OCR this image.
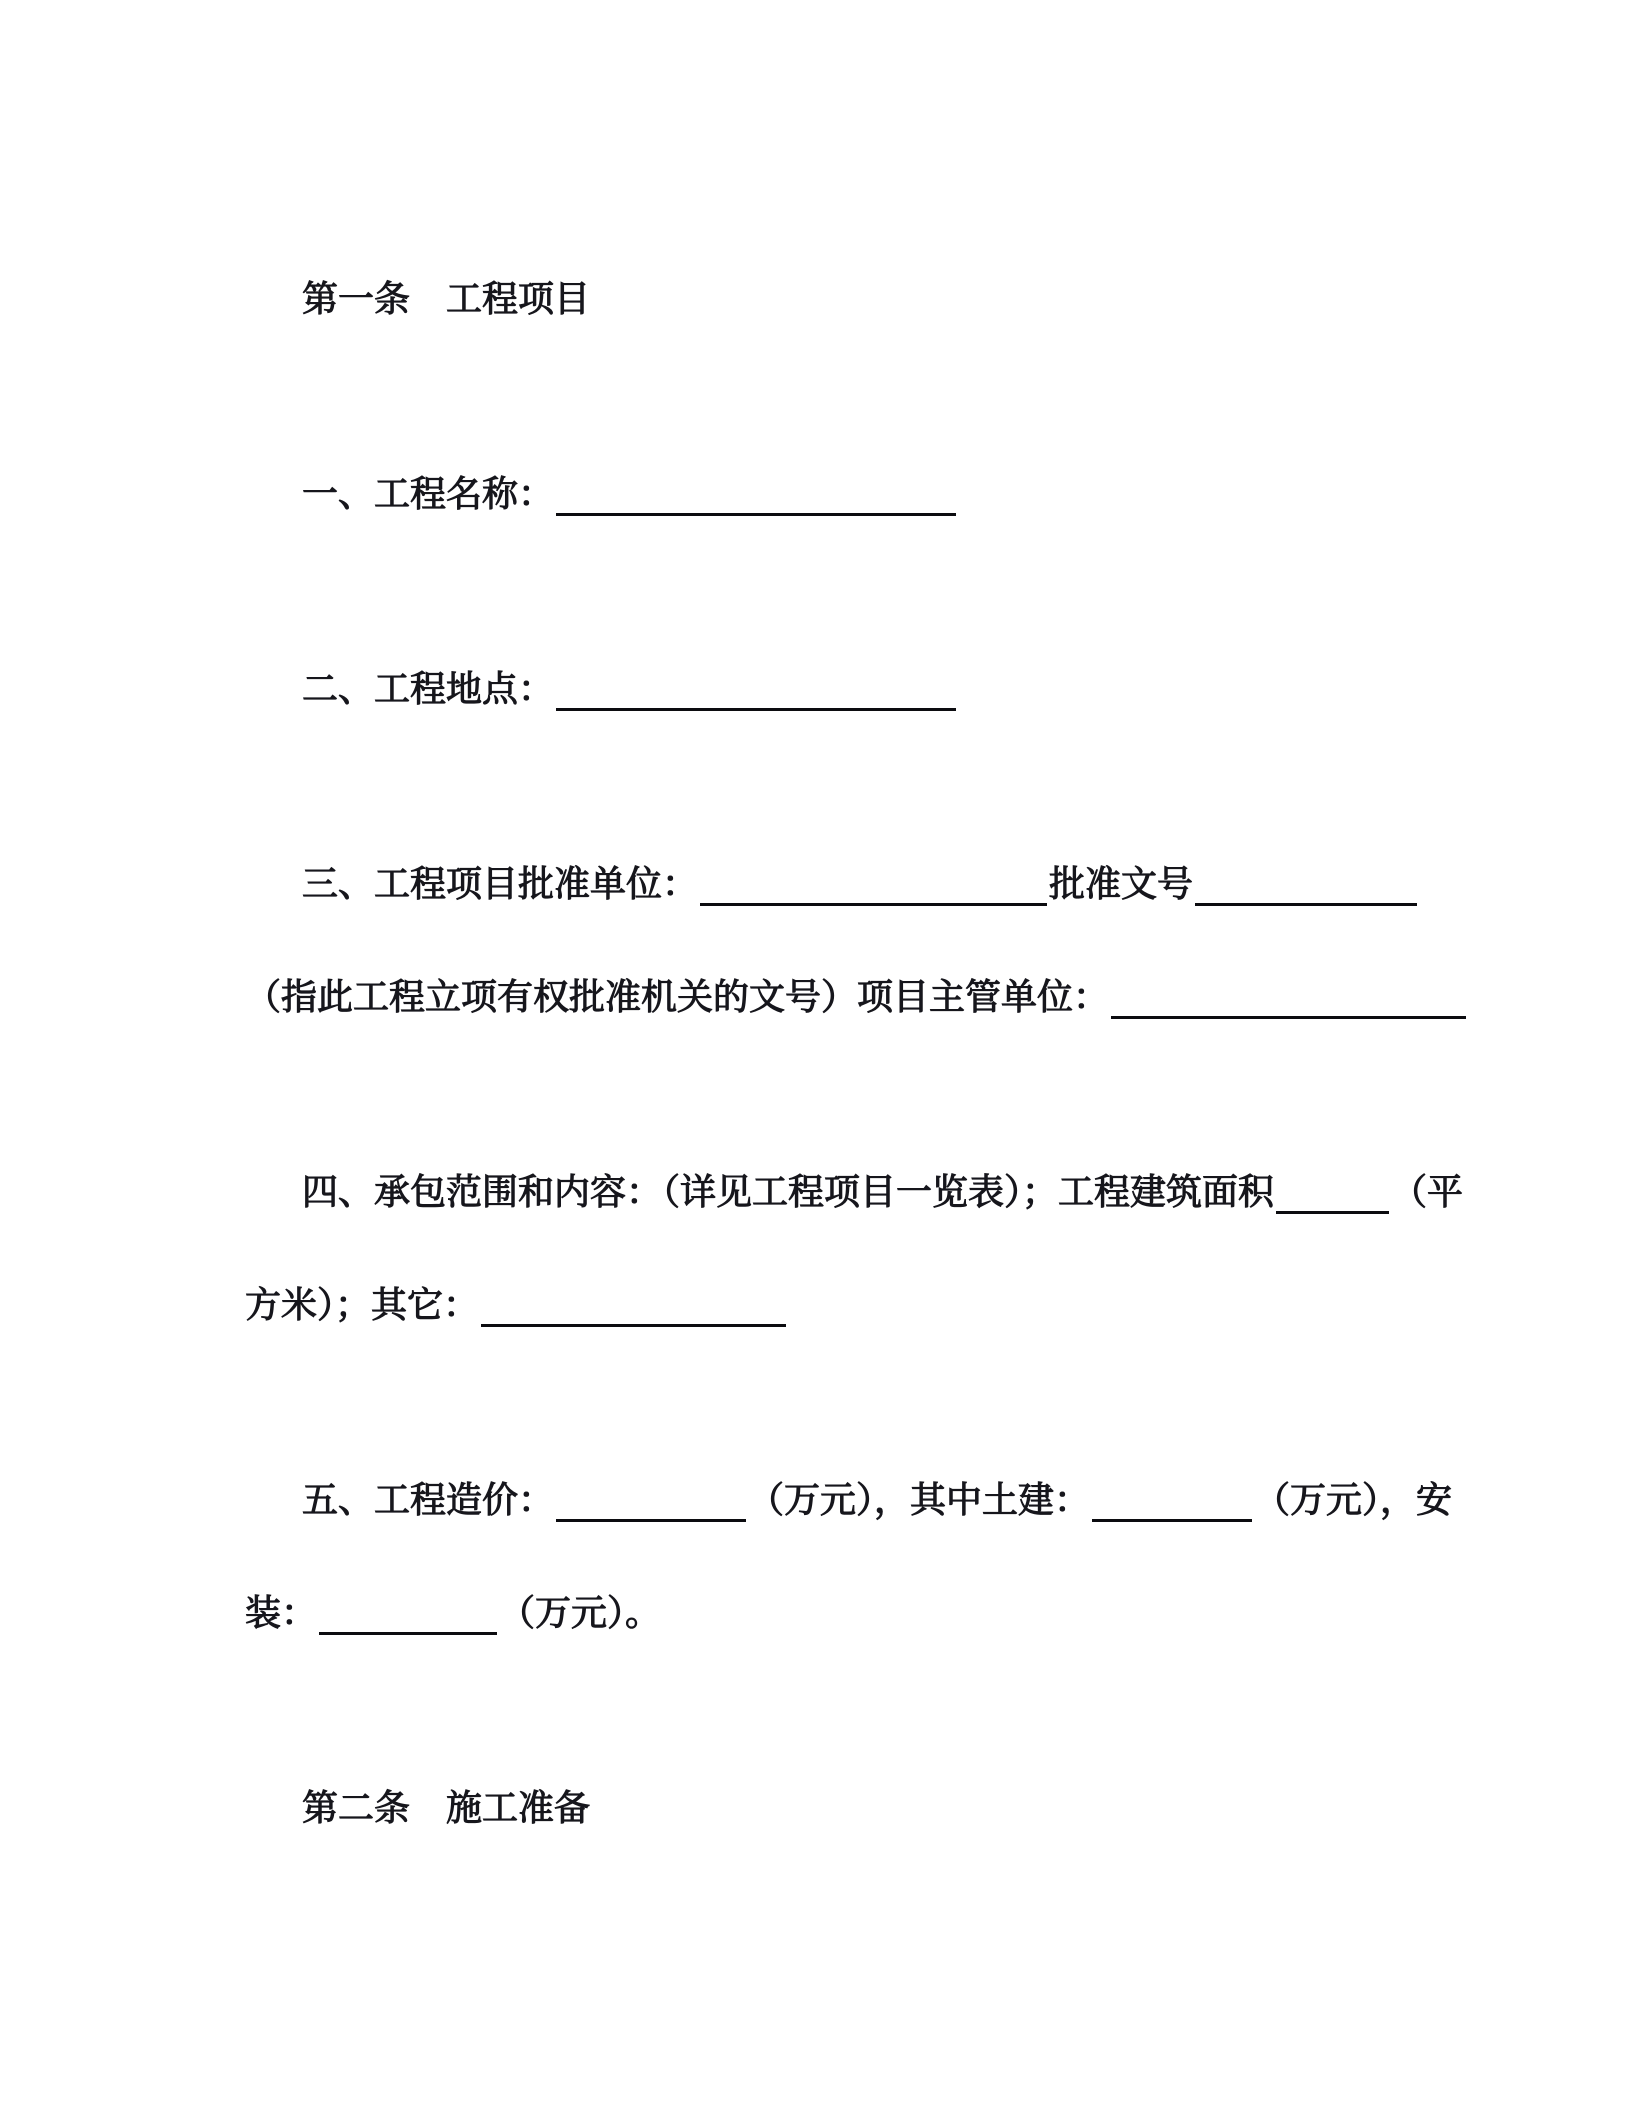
第一条　工程项目
一、工程名称：
二、工程地点：
三、工程项目批准单位：	批准文号
（指此工程立项有权批准机关的文号）项目主管单位：
四、承包范围和内容：（详见工程项目一览表）；工程建筑面积	（平
方米）；其它：
五、工程造价：	（万元），其中土建：	（万元），安
装：	（万元）。
第二条　施工准备
